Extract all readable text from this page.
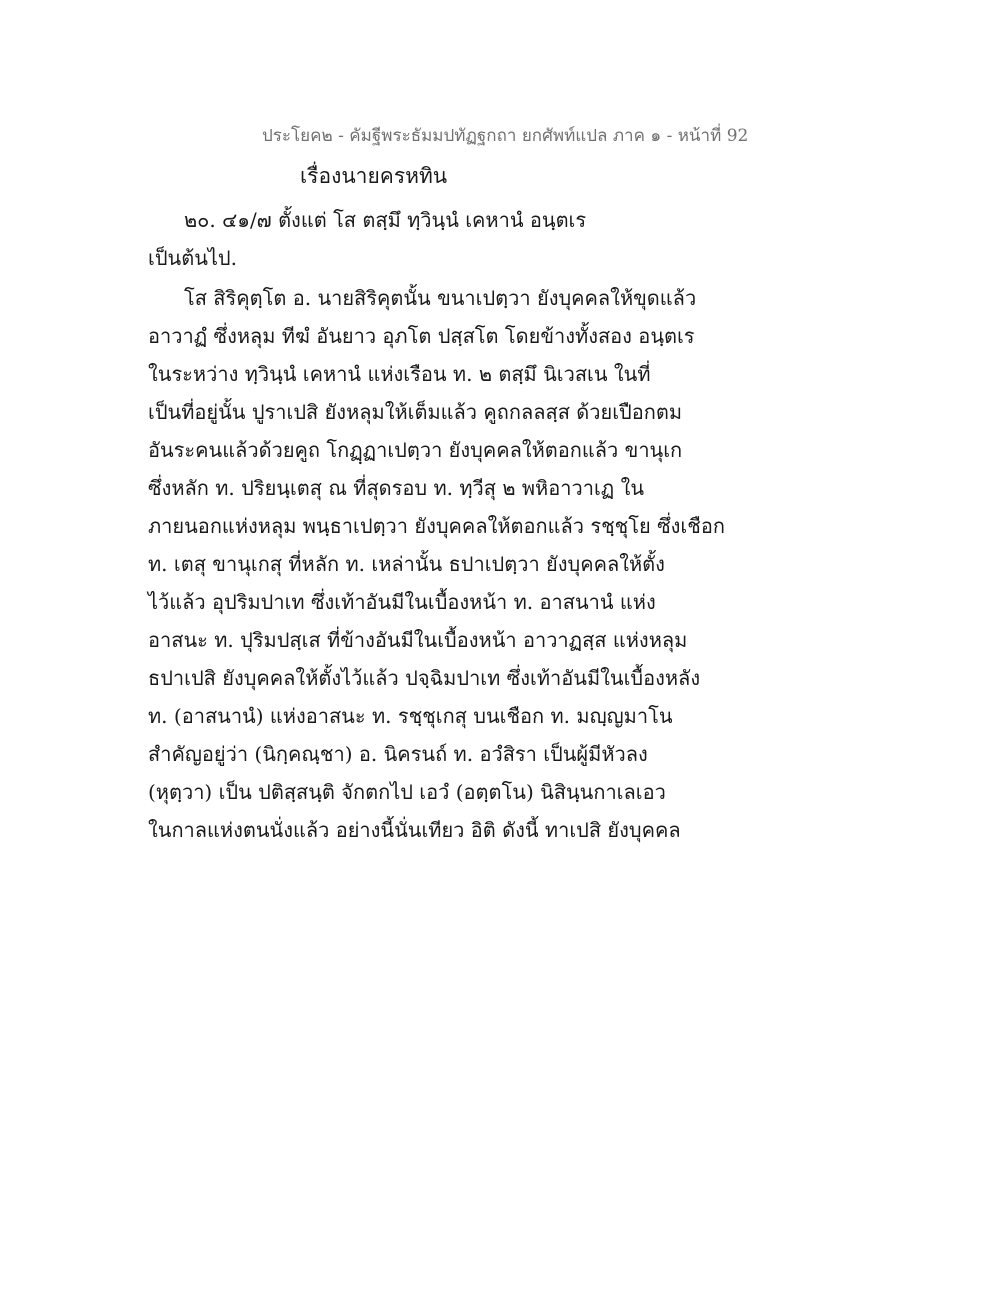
ประโยค๒ - คัมฐีพระธัมมปทัฏฐกถา ยกศัพท์แปล ภาค ๑ - หน้าที่ 92
เรื่องนายครหทิน
๒๐. ๔๑/๗ ตั้งแต่ โส ตสฺมึ ทฺวินฺนํ เคหานํ อนฺตเร
เป็นต้นไป.
โส สิริคุตฺโต อ. นายสิริคุตนั้น ขนาเปตฺวา ยังบุคคลให้ขุดแล้ว
อาวาฏํ ซึ่งหลุม ทีฆํ อันยาว อุภโต ปสฺสโต โดยข้างทั้งสอง อนฺตเร
ในระหว่าง ทฺวินฺนํ เคหานํ แห่งเรือน ท. ๒ ตสฺมึ นิเวสเน ในที่
เป็นที่อยู่นั้น ปูราเปสิ ยังหลุมให้เต็มแล้ว คูถกลลสฺส ด้วยเปือกตม
อันระคนแล้วด้วยคูถ โกฏฺฏาเปตฺวา ยังบุคคลให้ตอกแล้ว ขานุเก
ซึ่งหลัก ท. ปริยนฺเตสุ ณ ที่สุดรอบ ท. ทฺวีสุ ๒ พหิอาวาเฏ ใน
ภายนอกแห่งหลุม พนฺธาเปตฺวา ยังบุคคลให้ตอกแล้ว รชฺชุโย ซึ่งเชือก
ท. เตสุ ขานุเกสุ ที่หลัก ท. เหล่านั้น ธปาเปตฺวา ยังบุคคลให้ตั้ง
ไว้แล้ว อุปริมปาเท ซึ่งเท้าอันมีในเบื้องหน้า ท. อาสนานํ แห่ง
อาสนะ ท. ปุริมปสฺเส ที่ข้างอันมีในเบื้องหน้า อาวาฏสฺส แห่งหลุม
ธปาเปสิ ยังบุคคลให้ตั้งไว้แล้ว ปจฺฉิมปาเท ซึ่งเท้าอันมีในเบื้องหลัง
ท. (อาสนานํ) แห่งอาสนะ ท. รชฺชุเกสุ บนเชือก ท. มญฺญมาโน
สำคัญอยู่ว่า (นิกฺคณฺชา) อ. นิครนถ์ ท. อวํสิรา เป็นผู้มีหัวลง
(หุตฺวา) เป็น ปติสฺสนฺติ จักตกไป เอวํ (อตฺตโน) นิสินฺนกาเลเอว
ในกาลแห่งตนนั่งแล้ว อย่างนี้นั่นเทียว อิติ ดังนี้ ทาเปสิ ยังบุคคล
